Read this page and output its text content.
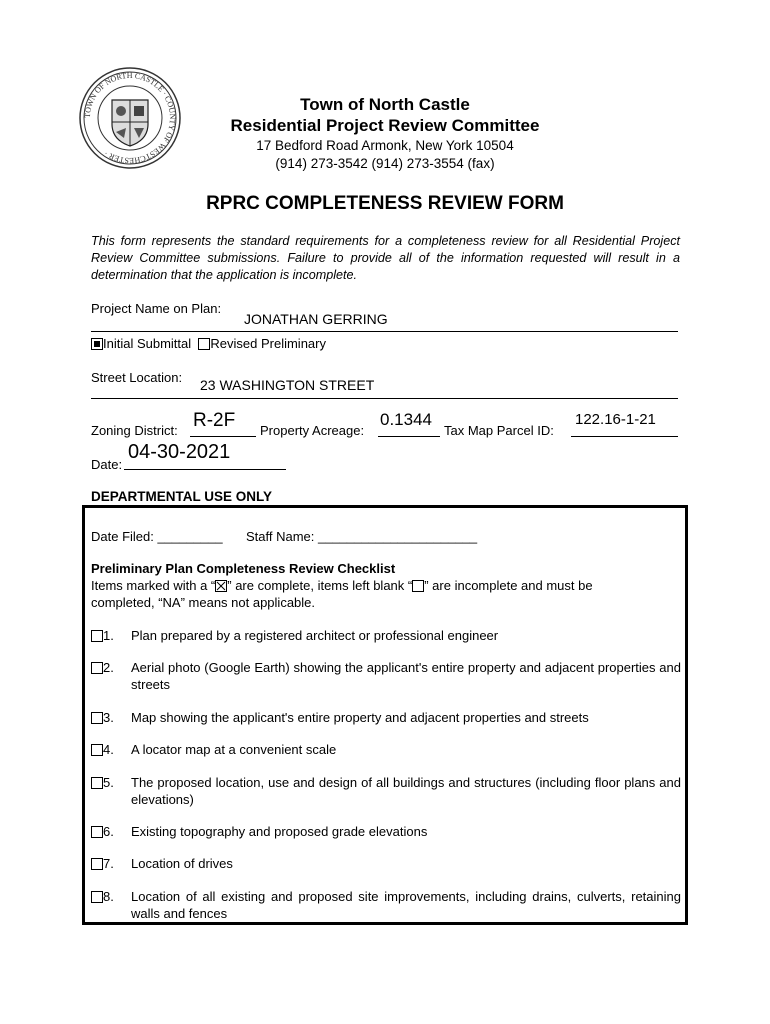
TOWN OF NORTH CASTLE · COUNTY OF WESTCHESTER ·
Town of North Castle
Residential Project Review Committee
17 Bedford Road Armonk, New York 10504
(914) 273-3542 (914) 273-3554 (fax)
RPRC COMPLETENESS REVIEW FORM
This form represents the standard requirements for a completeness review for all Residential Project Review Committee submissions. Failure to provide all of the information requested will result in a determination that the application is incomplete.
Project Name on Plan:
JONATHAN GERRING
Initial Submittal Revised Preliminary
Street Location: 23 WASHINGTON STREET
Zoning District: R-2F Property Acreage:
0.1344
Tax Map Parcel ID:
122.16-1-21
Date:
04-30-2021
DEPARTMENTAL USE ONLY
Date Filed: _________ Staff Name: ______________________
Preliminary Plan Completeness Review Checklist
Items marked with a “ ” are complete, items left blank “ ” are incomplete and must be
completed, “NA” means not applicable.
1. Plan prepared by a registered architect or professional engineer
2. Aerial photo (Google Earth) showing the applicant's entire property and adjacent properties and streets
3. Map showing the applicant's entire property and adjacent properties and streets
4. A locator map at a convenient scale
5. The proposed location, use and design of all buildings and structures (including floor plans and elevations)
6. Existing topography and proposed grade elevations
7. Location of drives
8. Location of all existing and proposed site improvements, including drains, culverts, retaining walls and fences
